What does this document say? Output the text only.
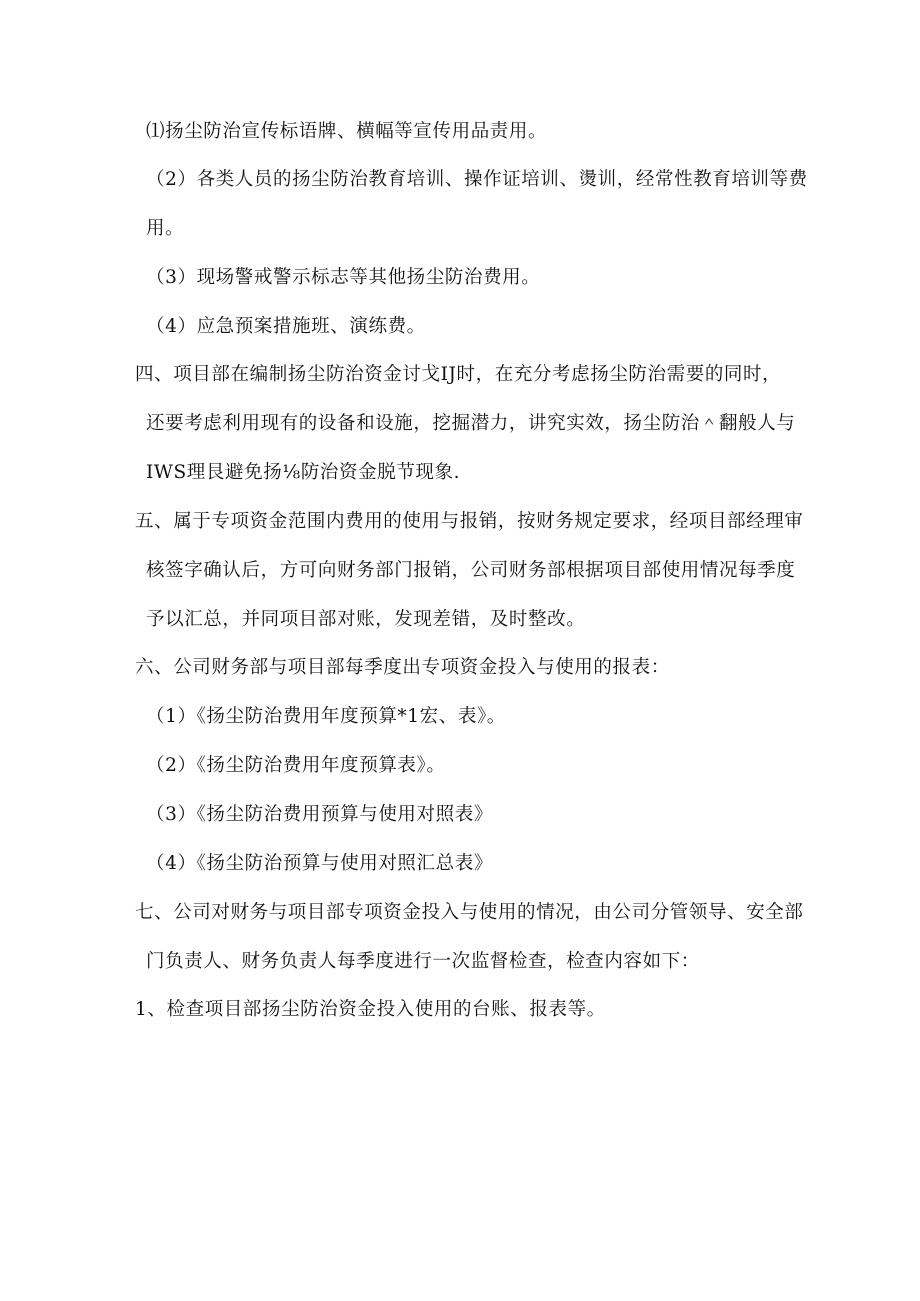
⑴扬尘防治宣传标语牌、横幅等宣传用品责用。
（2）各类人员的扬尘防治教育培训、操作证培训、燙训，经常性教育培训等费
用。
（3）现场警戒警示标志等其他扬尘防治费用。
（4）应急预案措施班、演练费。
四、项目部在编制扬尘防治资金讨戈IJ时，在充分考虑扬尘防治需要的同时，
还要考虑利用现有的设备和设施，挖掘潜力，讲究实效，扬尘防治＾翻般人与
IWS理艮避免扬⅛防治资金脱节现象.
五、属于专项资金范围内费用的使用与报销，按财务规定要求，经项目部经理审
核签字确认后，方可向财务部门报销，公司财务部根据项目部使用情况每季度
予以汇总，并同项目部对账，发现差错，及时整改。
六、公司财务部与项目部每季度出专项资金投入与使用的报表：
（1）《扬尘防治费用年度预算*1宏、表》。
（2）《扬尘防治费用年度预算表》。
（3）《扬尘防治费用预算与使用对照表》
（4）《扬尘防治预算与使用对照汇总表》
七、公司对财务与项目部专项资金投入与使用的情况，由公司分管领导、安全部
门负责人、财务负责人每季度进行一次监督检查，检查内容如下：
1、检查项目部扬尘防治资金投入使用的台账、报表等。
